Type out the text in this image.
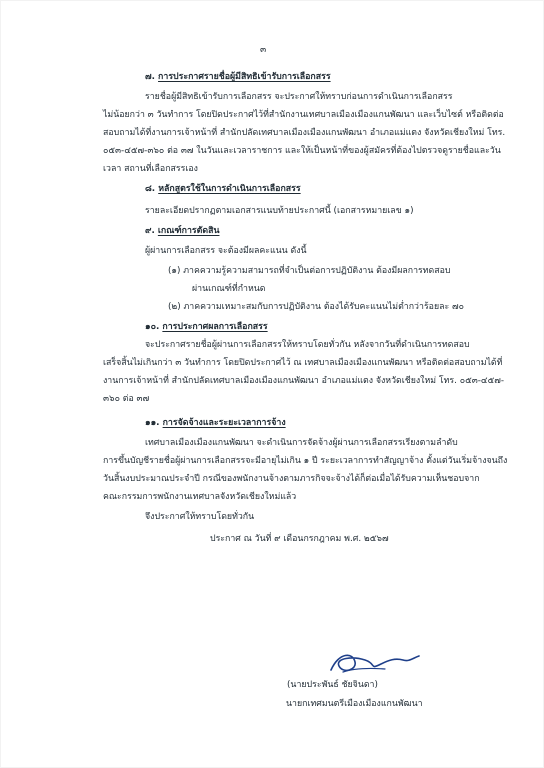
๓
๗. การประกาศรายชื่อผู้มีสิทธิเข้ารับการเลือกสรร
รายชื่อผู้มีสิทธิเข้ารับการเลือกสรร จะประกาศให้ทราบก่อนการดำเนินการเลือกสรร
ไม่น้อยกว่า ๓ วันทำการ โดยปิดประกาศไว้ที่สำนักงานเทศบาลเมืองเมืองแกนพัฒนา และเว็บไซต์ หรือติดต่อ
สอบถามได้ที่งานการเจ้าหน้าที่ สำนักปลัดเทศบาลเมืองเมืองแกนพัฒนา อำเภอแม่แตง จังหวัดเชียงใหม่ โทร.
๐๕๓-๔๕๗-๓๖๐ ต่อ ๓๗ ในวันและเวลาราชการ และให้เป็นหน้าที่ของผู้สมัครที่ต้องไปตรวจดูรายชื่อและวัน
เวลา สถานที่เลือกสรรเอง
๘. หลักสูตรใช้ในการดำเนินการเลือกสรร
รายละเอียดปรากฏตามเอกสารแนบท้ายประกาศนี้ (เอกสารหมายเลข ๑)
๙. เกณฑ์การตัดสิน
ผู้ผ่านการเลือกสรร จะต้องมีผลคะแนน ดังนี้
(๑) ภาคความรู้ความสามารถที่จำเป็นต่อการปฏิบัติงาน ต้องมีผลการทดสอบ
ผ่านเกณฑ์ที่กำหนด
(๒) ภาคความเหมาะสมกับการปฏิบัติงาน ต้องได้รับคะแนนไม่ต่ำกว่าร้อยละ ๗๐
๑๐. การประกาศผลการเลือกสรร
จะประกาศรายชื่อผู้ผ่านการเลือกสรรให้ทราบโดยทั่วกัน หลังจากวันที่ดำเนินการทดสอบ
เสร็จสิ้นไม่เกินกว่า ๓ วันทำการ โดยปิดประกาศไว้ ณ เทศบาลเมืองเมืองแกนพัฒนา หรือติดต่อสอบถามได้ที่
งานการเจ้าหน้าที่ สำนักปลัดเทศบาลเมืองเมืองแกนพัฒนา อำเภอแม่แตง จังหวัดเชียงใหม่ โทร. ๐๕๓-๔๕๗-
๓๖๐ ต่อ ๓๗
๑๑. การจัดจ้างและระยะเวลาการจ้าง
เทศบาลเมืองเมืองแกนพัฒนา จะดำเนินการจัดจ้างผู้ผ่านการเลือกสรรเรียงตามลำดับ
การขึ้นบัญชีรายชื่อผู้ผ่านการเลือกสรรจะมีอายุไม่เกิน ๑ ปี ระยะเวลาการทำสัญญาจ้าง ตั้งแต่วันเริ่มจ้างจนถึง
วันสิ้นงบประมาณประจำปี กรณีของพนักงานจ้างตามภารกิจจะจ้างได้ก็ต่อเมื่อได้รับความเห็นชอบจาก
คณะกรรมการพนักงานเทศบาลจังหวัดเชียงใหม่แล้ว
จึงประกาศให้ทราบโดยทั่วกัน
ประกาศ ณ วันที่ ๙ เดือนกรกฎาคม พ.ศ. ๒๕๖๗
(นายประพันธ์ ชัยจินดา)
นายกเทศมนตรีเมืองเมืองแกนพัฒนา
